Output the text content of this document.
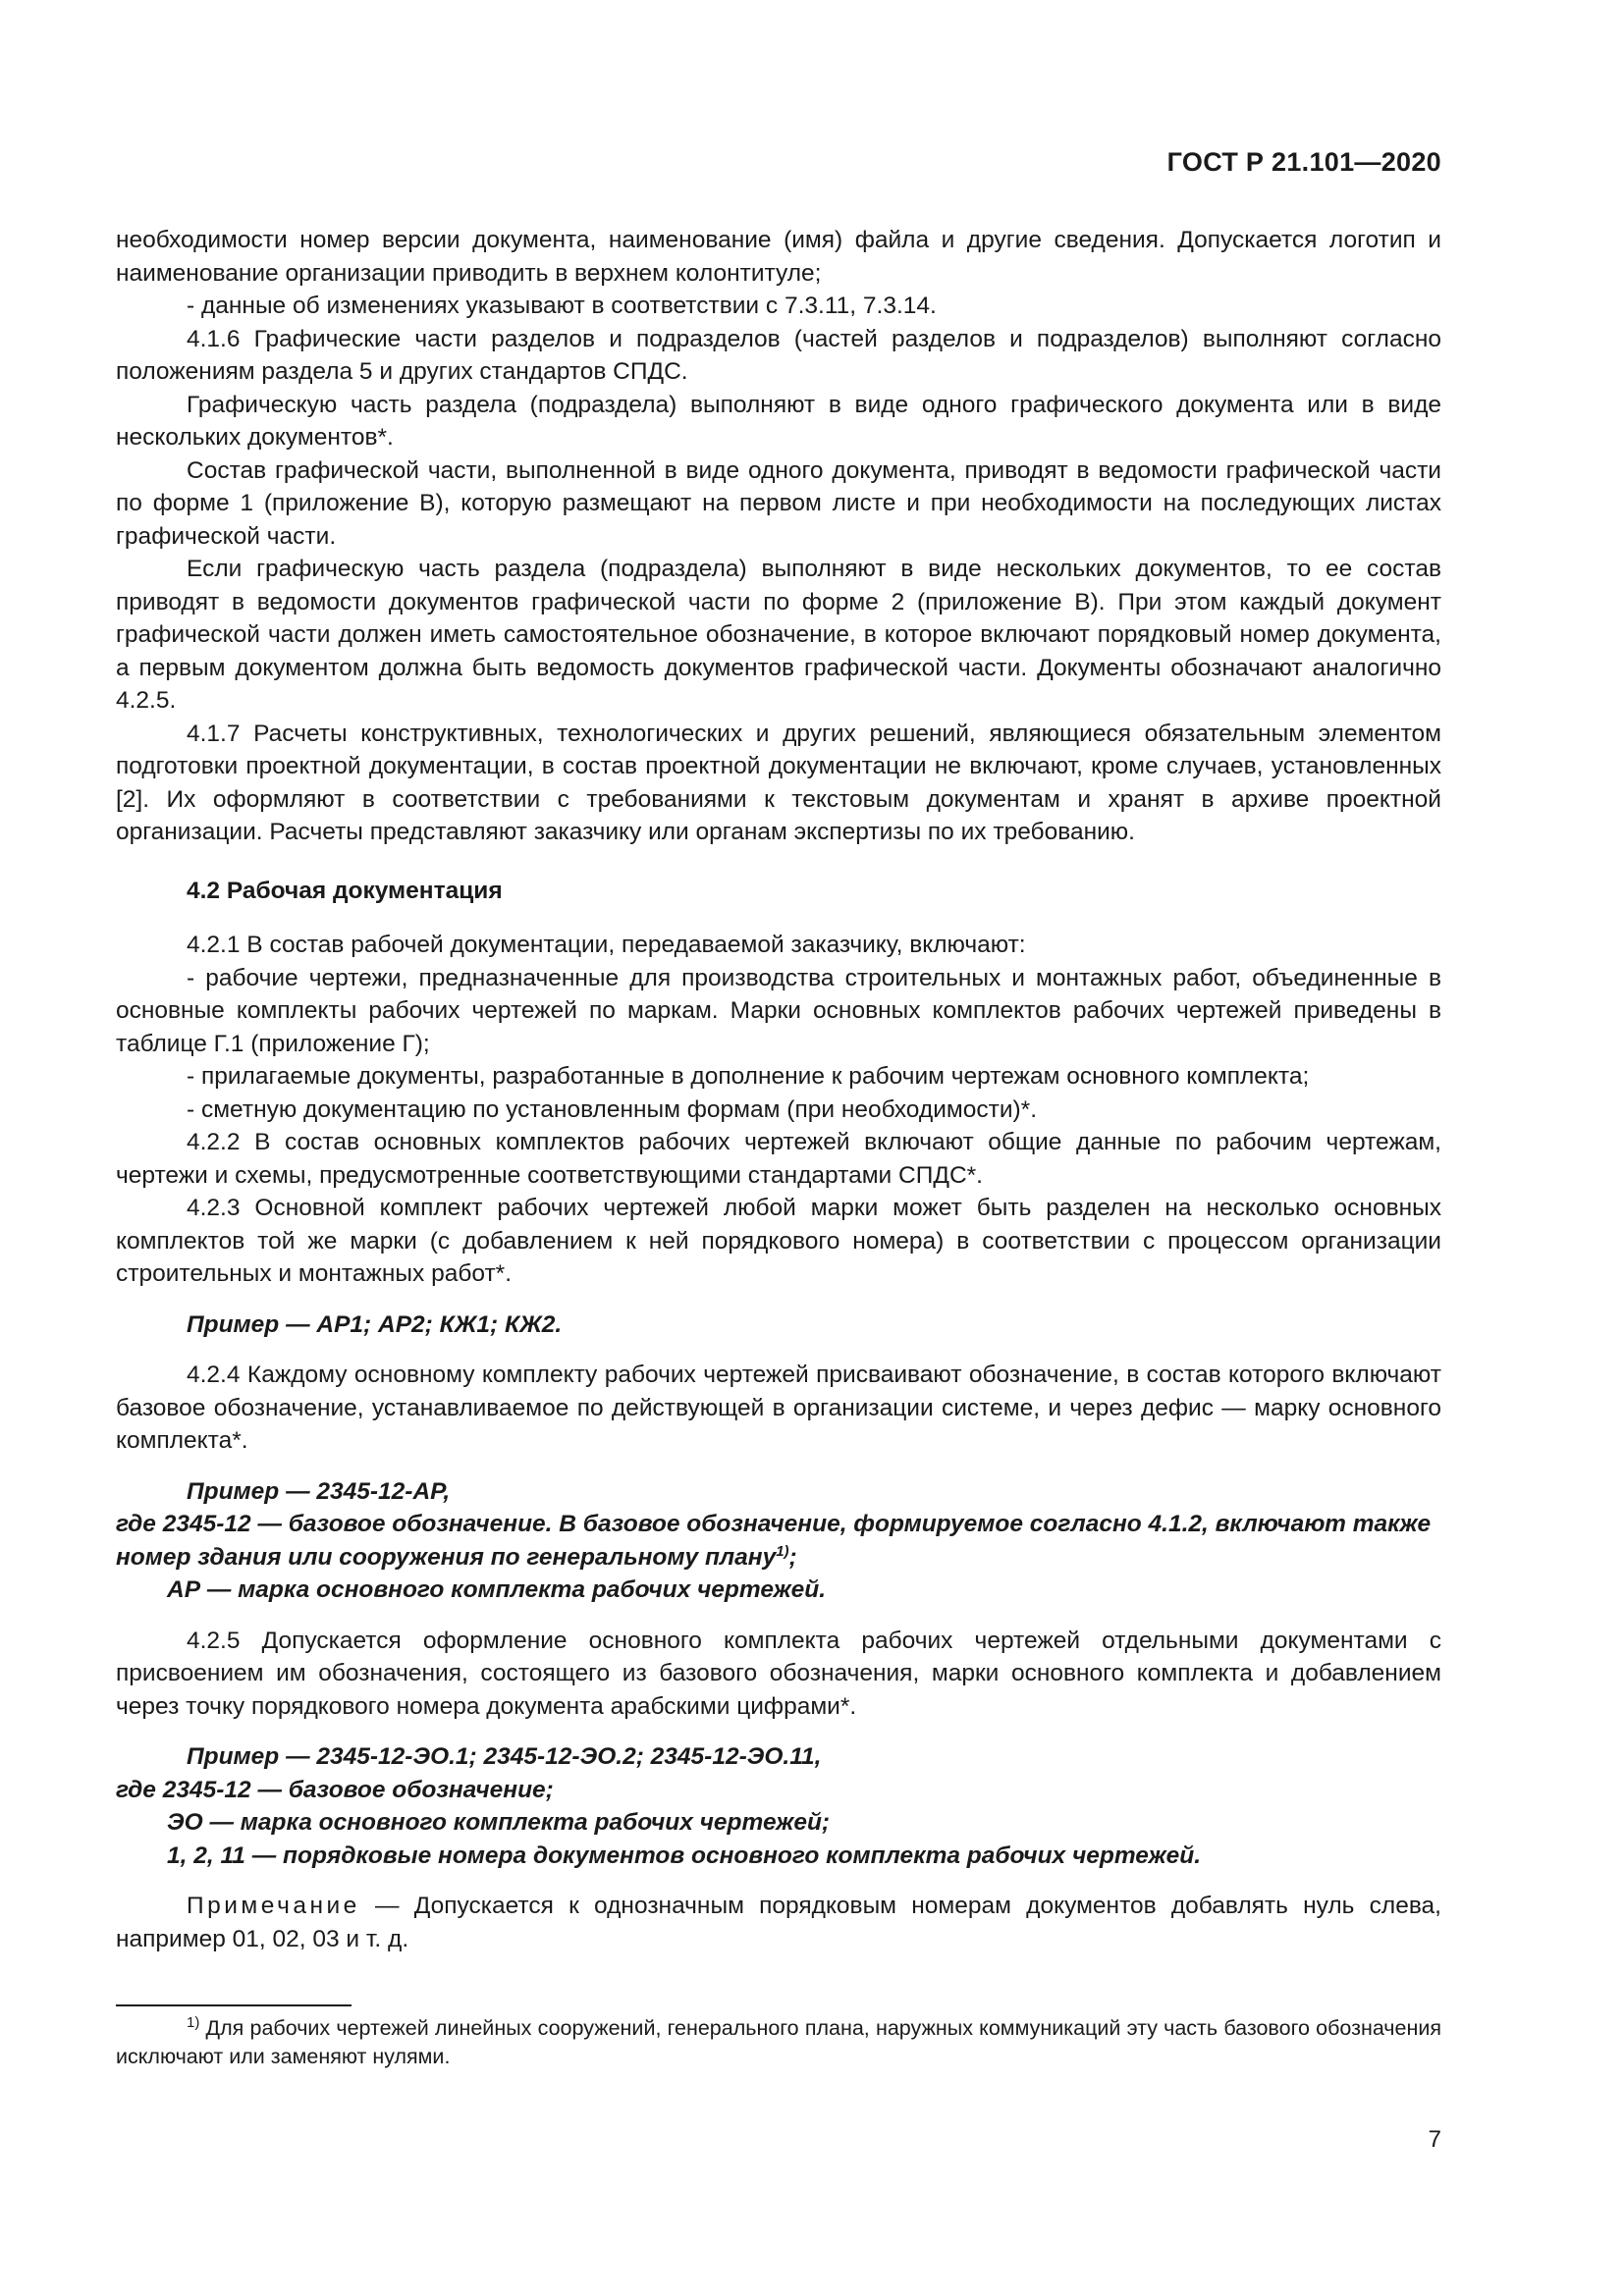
ГОСТ Р 21.101—2020

необходимости номер версии документа, наименование (имя) файла и другие сведения. Допускается логотип и наименование организации приводить в верхнем колонтитуле;

- данные об изменениях указывают в соответствии с 7.3.11, 7.3.14.

4.1.6 Графические части разделов и подразделов (частей разделов и подразделов) выполняют согласно положениям раздела 5 и других стандартов СПДС.

Графическую часть раздела (подраздела) выполняют в виде одного графического документа или в виде нескольких документов*.

Состав графической части, выполненной в виде одного документа, приводят в ведомости графической части по форме 1 (приложение В), которую размещают на первом листе и при необходимости на последующих листах графической части.

Если графическую часть раздела (подраздела) выполняют в виде нескольких документов, то ее состав приводят в ведомости документов графической части по форме 2 (приложение В). При этом каждый документ графической части должен иметь самостоятельное обозначение, в которое включают порядковый номер документа, а первым документом должна быть ведомость документов графической части. Документы обозначают аналогично 4.2.5.

4.1.7 Расчеты конструктивных, технологических и других решений, являющиеся обязательным элементом подготовки проектной документации, в состав проектной документации не включают, кроме случаев, установленных [2]. Их оформляют в соответствии с требованиями к текстовым документам и хранят в архиве проектной организации. Расчеты представляют заказчику или органам экспертизы по их требованию.

4.2 Рабочая документация

4.2.1 В состав рабочей документации, передаваемой заказчику, включают:

- рабочие чертежи, предназначенные для производства строительных и монтажных работ, объединенные в основные комплекты рабочих чертежей по маркам. Марки основных комплектов рабочих чертежей приведены в таблице Г.1 (приложение Г);

- прилагаемые документы, разработанные в дополнение к рабочим чертежам основного комплекта;

- сметную документацию по установленным формам (при необходимости)*.

4.2.2 В состав основных комплектов рабочих чертежей включают общие данные по рабочим чертежам, чертежи и схемы, предусмотренные соответствующими стандартами СПДС*.

4.2.3 Основной комплект рабочих чертежей любой марки может быть разделен на несколько основных комплектов той же марки (с добавлением к ней порядкового номера) в соответствии с процессом организации строительных и монтажных работ*.

Пример — АР1; АР2; КЖ1; КЖ2.

4.2.4 Каждому основному комплекту рабочих чертежей присваивают обозначение, в состав которого включают базовое обозначение, устанавливаемое по действующей в организации системе, и через дефис — марку основного комплекта*.

Пример — 2345-12-АР,

где 2345-12 — базовое обозначение. В базовое обозначение, формируемое согласно 4.1.2, включают также номер здания или сооружения по генеральному плану$^{1)}$;

АР — марка основного комплекта рабочих чертежей.

4.2.5 Допускается оформление основного комплекта рабочих чертежей отдельными документами с присвоением им обозначения, состоящего из базового обозначения, марки основного комплекта и добавлением через точку порядкового номера документа арабскими цифрами*.

Пример — 2345-12-ЭО.1; 2345-12-ЭО.2; 2345-12-ЭО.11,

где 2345-12 — базовое обозначение;

ЭО — марка основного комплекта рабочих чертежей;

1, 2, 11 — порядковые номера документов основного комплекта рабочих чертежей.

Примечание — Допускается к однозначным порядковым номерам документов добавлять нуль слева, например 01, 02, 03 и т. д.

$^{1)}$ Для рабочих чертежей линейных сооружений, генерального плана, наружных коммуникаций эту часть базового обозначения исключают или заменяют нулями.

7
